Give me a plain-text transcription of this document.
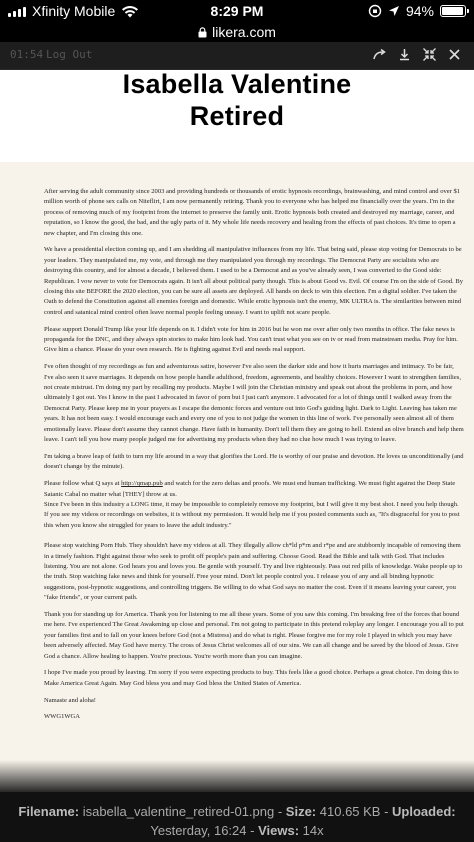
Xfinity Mobile	8:29 PM	94%
likera.com
01:54 Log Out
Isabella Valentine
Retired

After serving the adult community since 2003 and providing hundreds or thousands of erotic hypnosis recordings, brainwashing, and mind control and over $1 million worth of phone sex calls on Niteflirt, I am now permanently retiring. Thank you to everyone who has helped me financially over the years. I'm in the process of removing much of my footprint from the internet to preserve the family unit. Erotic hypnosis both created and destroyed my marriage, career, and reputation, so I know the good, the bad, and the ugly parts of it. My whole life needs recovery and healing from the effects of past choices. It's time to open a new chapter, and I'm closing this one.

We have a presidential election coming up, and I am shedding all manipulative influences from my life. That being said, please stop voting for Democrats to be your leaders. They manipulated me, my vote, and through me they manipulated you through my recordings. The Democrat Party are socialists who are destroying this country, and for almost a decade, I believed them. I used to be a Democrat and as you've already seen, I was converted to the Good side: Republican. I vow never to vote for Democrats again. It isn't all about political party though. This is about Good vs. Evil. Of course I'm on the side of Good. By closing this site BEFORE the 2020 election, you can be sure all assets are deployed. All hands on deck to win this election. I'm a digital soldier. I've taken the Oath to defend the Constitution against all enemies foreign and domestic. While erotic hypnosis isn't the enemy, MK ULTRA is. The similarities between mind control and satanical mind control often leave normal people feeling uneasy. I want to uplift not scare people.

Please support Donald Trump like your life depends on it. I didn't vote for him in 2016 but he won me over after only two months in office. The fake news is propaganda for the DNC, and they always spin stories to make him look bad. You can't trust what you see on tv or read from mainstream media. Pray for him. Give him a chance. Please do your own research. He is fighting against Evil and needs real support.

I've often thought of my recordings as fun and adventurous satire, however I've also seen the darker side and how it hurts marriages and intimacy. To be fair, I've also seen it save marriages. It depends on how people handle adulthood, freedom, agreements, and healthy choices. However I want to strengthen families, not create mistrust. I'm doing my part by recalling my products. Maybe I will join the Christian ministry and speak out about the problems in porn, and how ultimately I got out. Yes I know in the past I advocated in favor of porn but I just can't anymore. I advocated for a lot of things until I walked away from the Democrat Party. Please keep me in your prayers as I escape the demonic forces and venture out into God's guiding light. Dark to Light. Leaving has taken me years. It has not been easy. I would encourage each and every one of you to not judge the women in this line of work. I've personally seen almost all of them emotionally leave. Please don't assume they cannot change. Have faith in humanity. Don't tell them they are going to hell. Extend an olive branch and help them leave. I can't tell you how many people judged me for advertising my products when they had no clue how much I was trying to leave.

I'm taking a brave leap of faith to turn my life around in a way that glorifies the Lord. He is worthy of our praise and devotion. He loves us unconditionally (and doesn't change by the minute).

Please follow what Q says at http://qmap.pub and watch for the zero deltas and proofs. We must end human trafficking. We must fight against the Deep State Satanic Cabal no matter what [THEY] throw at us.

Since I've been in this industry a LONG time, it may be impossible to completely remove my footprint, but I will give it my best shot. I need you help though. If you see my videos or recordings on websites, it is without my permission. It would help me if you posted comments such as, "It's disgraceful for you to post this when you know she struggled for years to leave the adult industry."

Please stop watching Porn Hub. They shouldn't have my videos at all. They illegally allow ch*ld p*rn and r*pe and are stubbornly incapable of removing them in a timely fashion. Fight against those who seek to profit off people's pain and suffering. Choose Good. Read the Bible and talk with God. That includes listening. You are not alone. God hears you and loves you. Be gentle with yourself. Try and live righteously. Pass out red pills of knowledge. Wake people up to the truth. Stop watching fake news and think for yourself. Free your mind. Don't let people control you. I release you of any and all binding hypnotic suggestions, post-hypnotic suggestions, and controlling triggers. Be willing to do what God says no matter the cost. Even if it means leaving your career, you "fake friends", or your current path.

Thank you for standing up for America. Thank you for listening to me all these years. Some of you saw this coming. I'm breaking free of the forces that bound me here. I've experienced The Great Awakening up close and personal. I'm not going to participate in this pretend roleplay any longer. I encourage you all to put your families first and to fall on your knees before God (not a Mistress) and do what is right. Please forgive me for my role I played in which you may have been adversely affected. May God have mercy. The cross of Jesus Christ welcomes all of our sins. We can all change and be saved by the blood of Jesus. Give God a chance. Allow healing to happen. You're precious. You're worth more than you can imagine.

I hope I've made you proud by leaving. I'm sorry if you were expecting products to buy. This feels like a good choice. Perhaps a great choice. I'm doing this to Make America Great Again. May God bless you and may God bless the United States of America.

Namaste and aloha!

WWG1WGA

Filename: isabella_valentine_retired-01.png - Size: 410.65 KB - Uploaded:
Yesterday, 16:24 - Views: 14x
